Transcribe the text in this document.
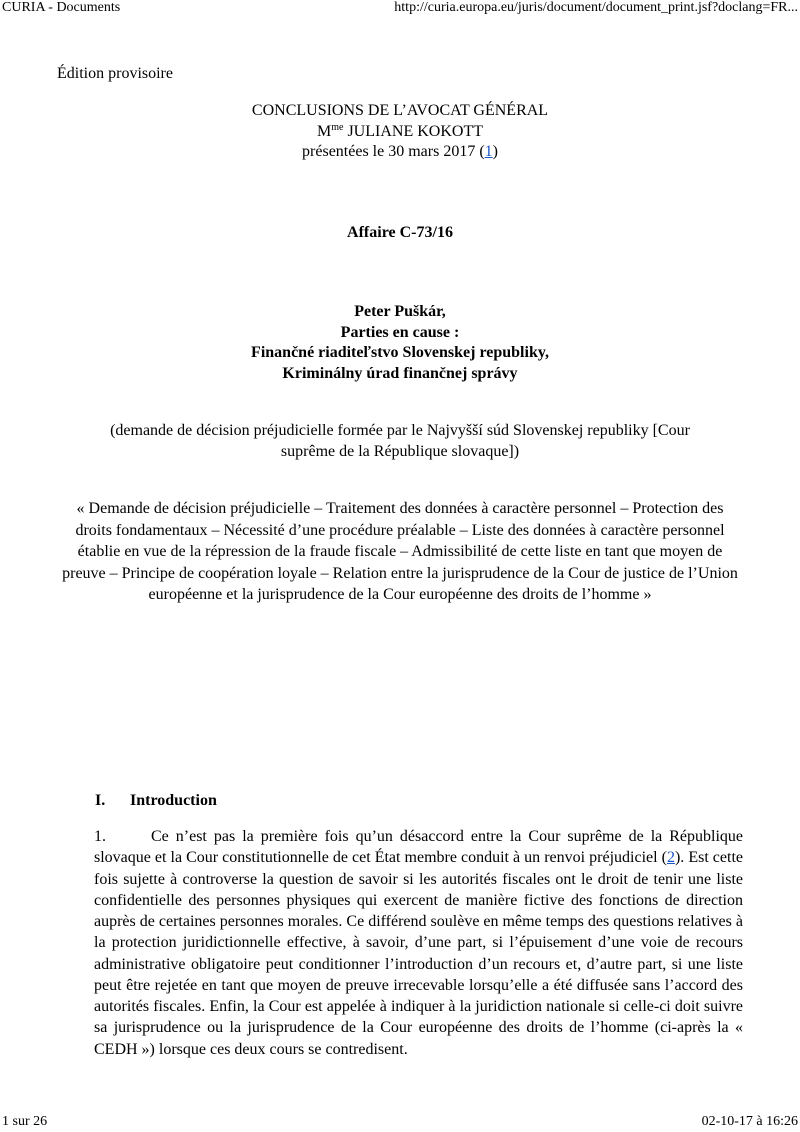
CURIA - Documents	http://curia.europa.eu/juris/document/document_print.jsf?doclang=FR...
Édition provisoire
CONCLUSIONS DE L’AVOCAT GÉNÉRAL
$M^{me}$ JULIANE KOKOTT
présentées le 30 mars 2017 (1)
Affaire C-73/16
Peter Puškár,
Parties en cause :
Finančné riaditeľstvo Slovenskej republiky,
Kriminálny úrad finančnej správy
(demande de décision préjudicielle formée par le Najvyšší súd Slovenskej republiky [Cour suprême de la République slovaque])
« Demande de décision préjudicielle – Traitement des données à caractère personnel – Protection des droits fondamentaux – Nécessité d’une procédure préalable – Liste des données à caractère personnel établie en vue de la répression de la fraude fiscale – Admissibilité de cette liste en tant que moyen de preuve – Principe de coopération loyale – Relation entre la jurisprudence de la Cour de justice de l’Union européenne et la jurisprudence de la Cour européenne des droits de l’homme »
I. Introduction
1.	Ce n’est pas la première fois qu’un désaccord entre la Cour suprême de la République slovaque et la Cour constitutionnelle de cet État membre conduit à un renvoi préjudiciel (2). Est cette fois sujette à controverse la question de savoir si les autorités fiscales ont le droit de tenir une liste confidentielle des personnes physiques qui exercent de manière fictive des fonctions de direction auprès de certaines personnes morales. Ce différend soulève en même temps des questions relatives à la protection juridictionnelle effective, à savoir, d’une part, si l’épuisement d’une voie de recours administrative obligatoire peut conditionner l’introduction d’un recours et, d’autre part, si une liste peut être rejetée en tant que moyen de preuve irrecevable lorsqu’elle a été diffusée sans l’accord des autorités fiscales. Enfin, la Cour est appelée à indiquer à la juridiction nationale si celle-ci doit suivre sa jurisprudence ou la jurisprudence de la Cour européenne des droits de l’homme (ci-après la « CEDH ») lorsque ces deux cours se contredisent.
1 sur 26	02-10-17 à 16:26
